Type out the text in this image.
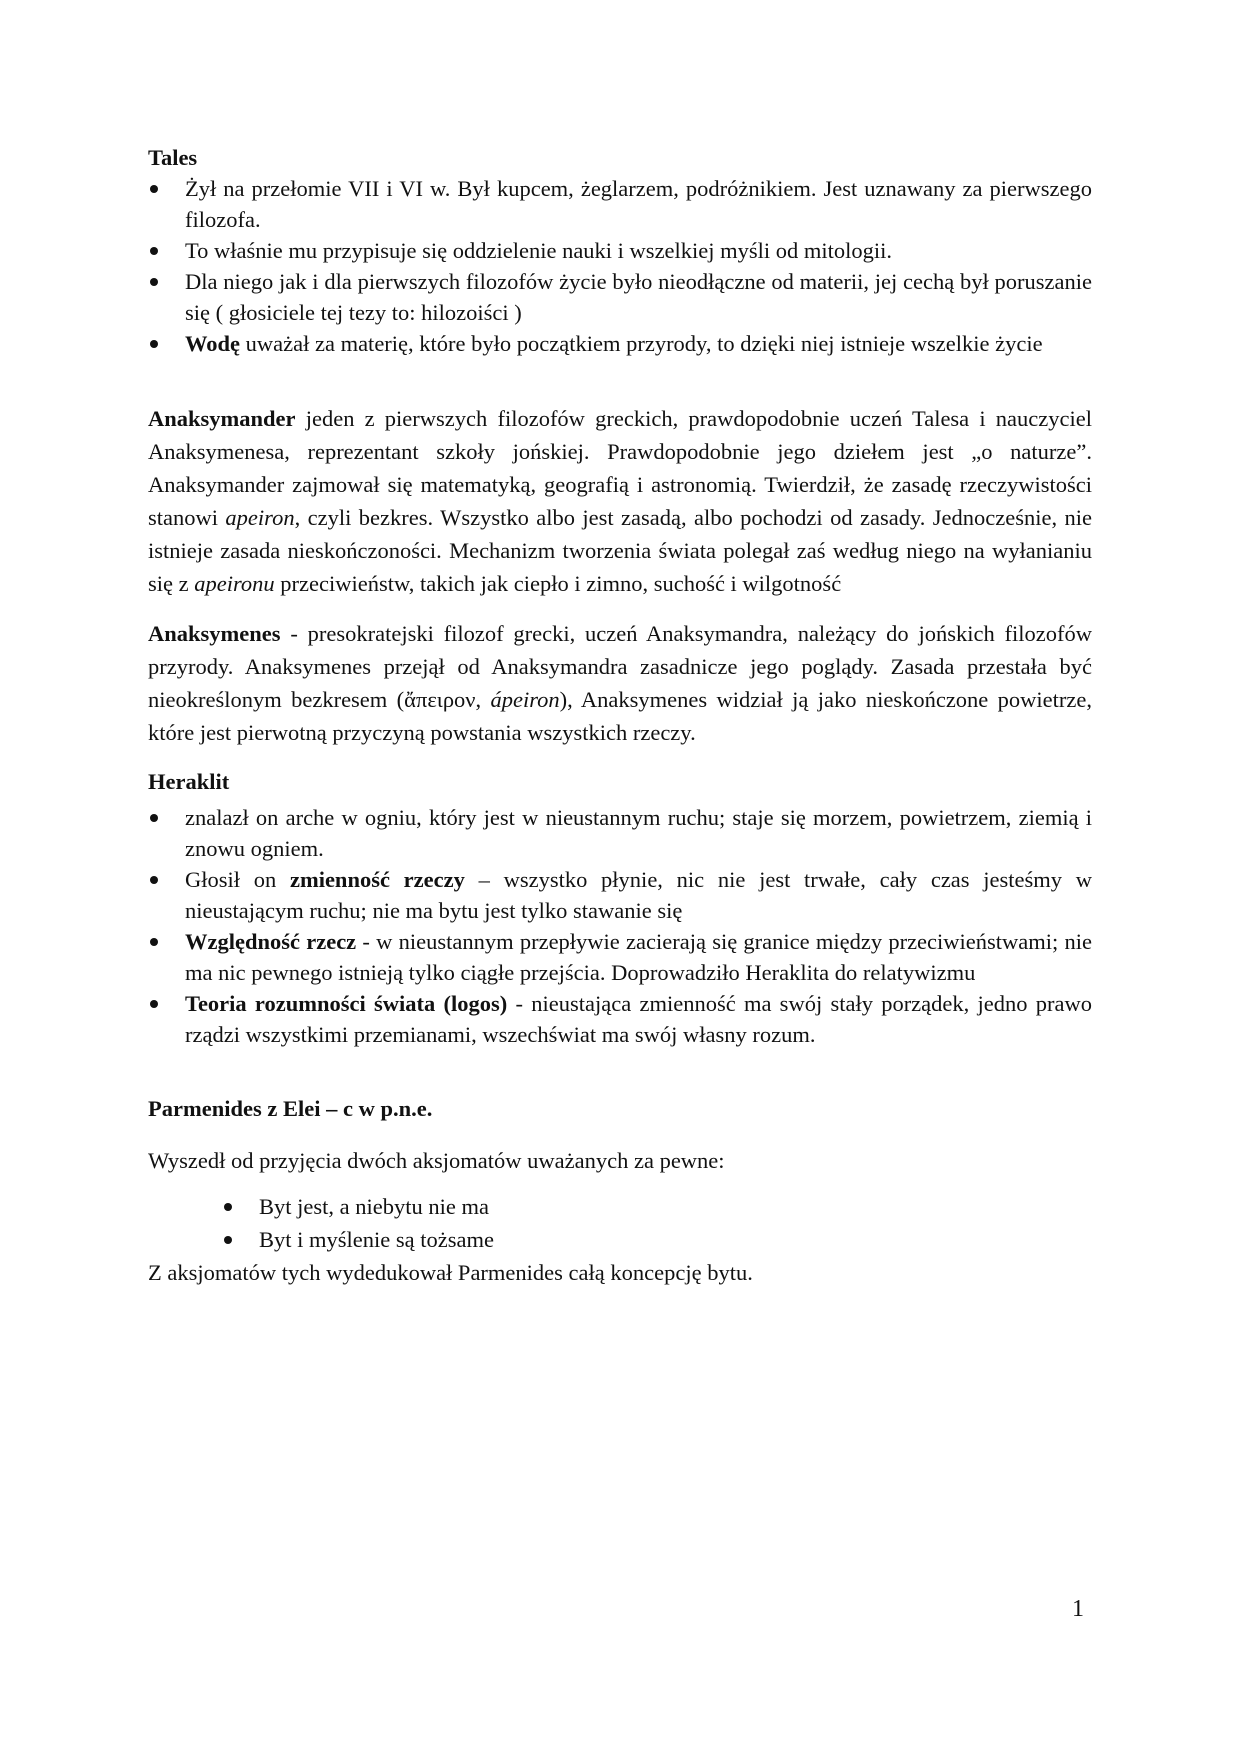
Tales

Żył na przełomie VII i VI w. Był kupcem, żeglarzem, podróżnikiem. Jest uznawany za pierwszego filozofa.
To właśnie mu przypisuje się oddzielenie nauki i wszelkiej myśli od mitologii.
Dla niego jak i dla pierwszych filozofów życie było nieodłączne od materii, jej cechą był poruszanie się ( głosiciele tej tezy to: hilozoiści )
Wodę uważał za materię, które było początkiem przyrody, to dzięki niej istnieje wszelkie życie

Anaksymander jeden z pierwszych filozofów greckich, prawdopodobnie uczeń Talesa i nauczyciel Anaksymenesa, reprezentant szkoły jońskiej. Prawdopodobnie jego dziełem jest „o naturze”. Anaksymander zajmował się matematyką, geografią i astronomią. Twierdził, że zasadę rzeczywistości stanowi apeiron, czyli bezkres. Wszystko albo jest zasadą, albo pochodzi od zasady. Jednocześnie, nie istnieje zasada nieskończoności. Mechanizm tworzenia świata polegał zaś według niego na wyłanianiu się z apeironu przeciwieństw, takich jak ciepło i zimno, suchość i wilgotność

Anaksymenes - presokratejski filozof grecki, uczeń Anaksymandra, należący do jońskich filozofów przyrody. Anaksymenes przejął od Anaksymandra zasadnicze jego poglądy. Zasada przestała być nieokreślonym bezkresem (ἄπειρον, ápeiron), Anaksymenes widział ją jako nieskończone powietrze, które jest pierwotną przyczyną powstania wszystkich rzeczy.

Heraklit

znalazł on arche w ogniu, który jest w nieustannym ruchu; staje się morzem, powietrzem, ziemią i znowu ogniem.
Głosił on zmienność rzeczy – wszystko płynie, nic nie jest trwałe, cały czas jesteśmy w nieustającym ruchu; nie ma bytu jest tylko stawanie się
Względność rzecz - w nieustannym przepływie zacierają się granice między przeciwieństwami; nie ma nic pewnego istnieją tylko ciągłe przejścia. Doprowadziło Heraklita do relatywizmu
Teoria rozumności świata (logos) - nieustająca zmienność ma swój stały porządek, jedno prawo rządzi wszystkimi przemianami, wszechświat ma swój własny rozum.

Parmenides z Elei – c w p.n.e.

Wyszedł od przyjęcia dwóch aksjomatów uważanych za pewne:

Byt jest, a niebytu nie ma
Byt i myślenie są tożsame

Z aksjomatów tych wydedukował Parmenides całą koncepcję bytu.

1
